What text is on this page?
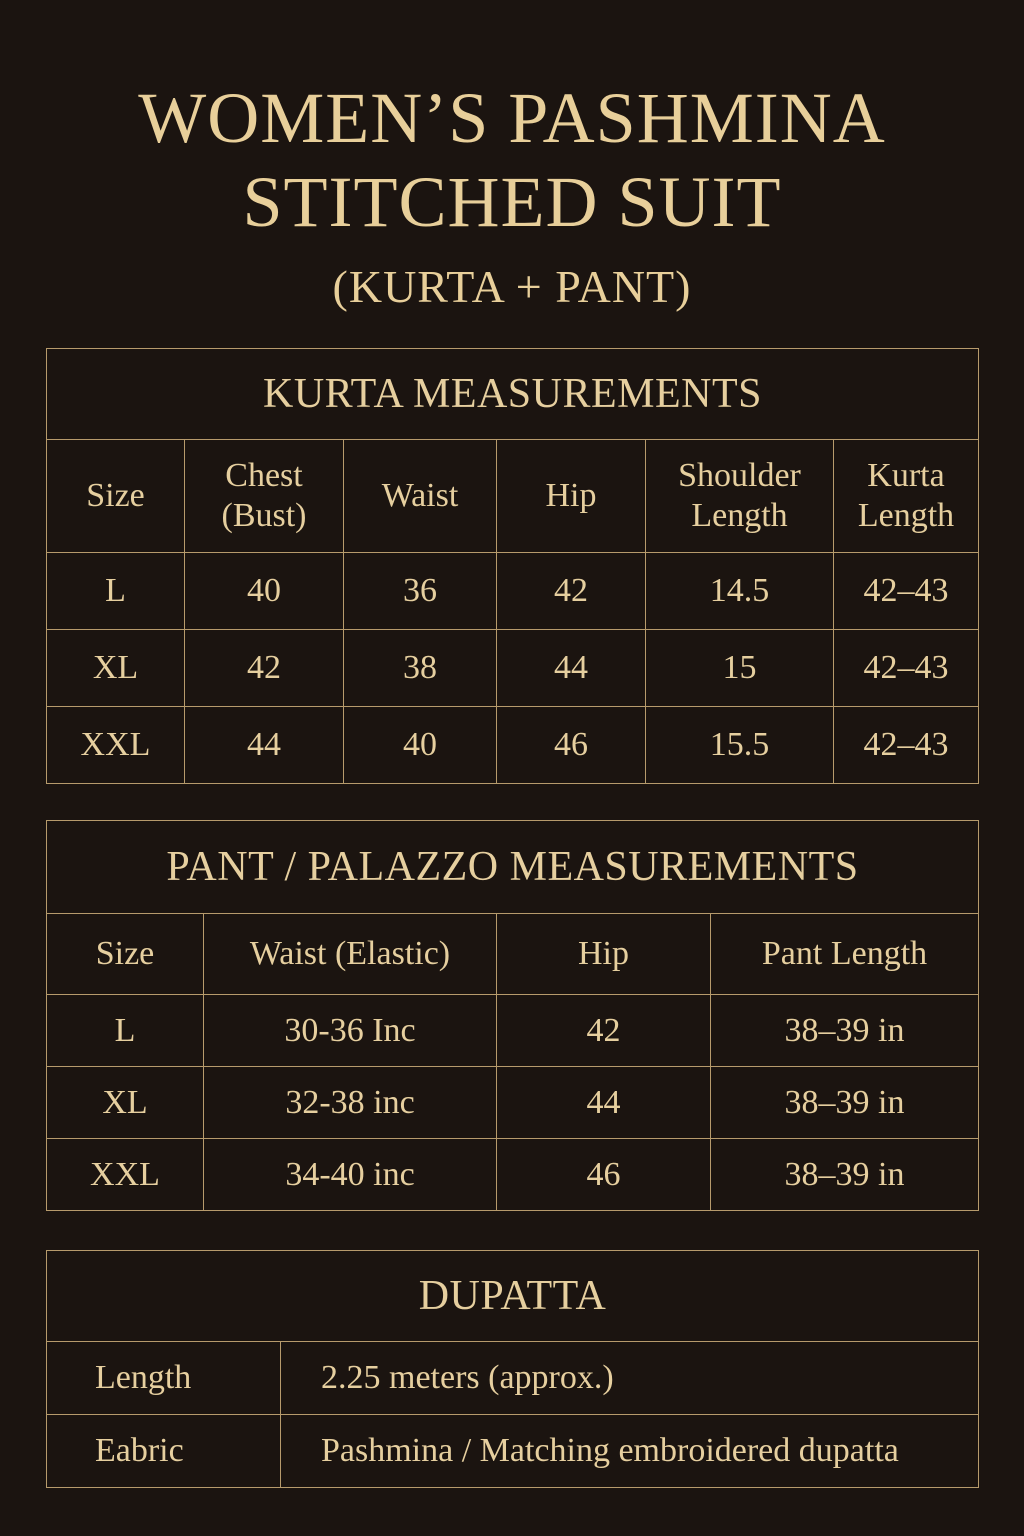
WOMEN’S PASHMINA
STITCHED SUIT
(KURTA + PANT)
KURTA MEASUREMENTS					
Size	Chest (Bust)	Waist	Hip	Shoulder Length	Kurta Length
L	40	36	42	14.5	42–43
XL	42	38	44	15	42–43
XXL	44	40	46	15.5	42–43
PANT / PALAZZO MEASUREMENTS			
Size	Waist (Elastic)	Hip	Pant Length
L	30-36 Inc	42	38–39 in
XL	32-38 inc	44	38–39 in
XXL	34-40 inc	46	38–39 in
DUPATTA	
Length	2.25 meters (approx.)
Eabric	Pashmina / Matching embroidered dupatta
